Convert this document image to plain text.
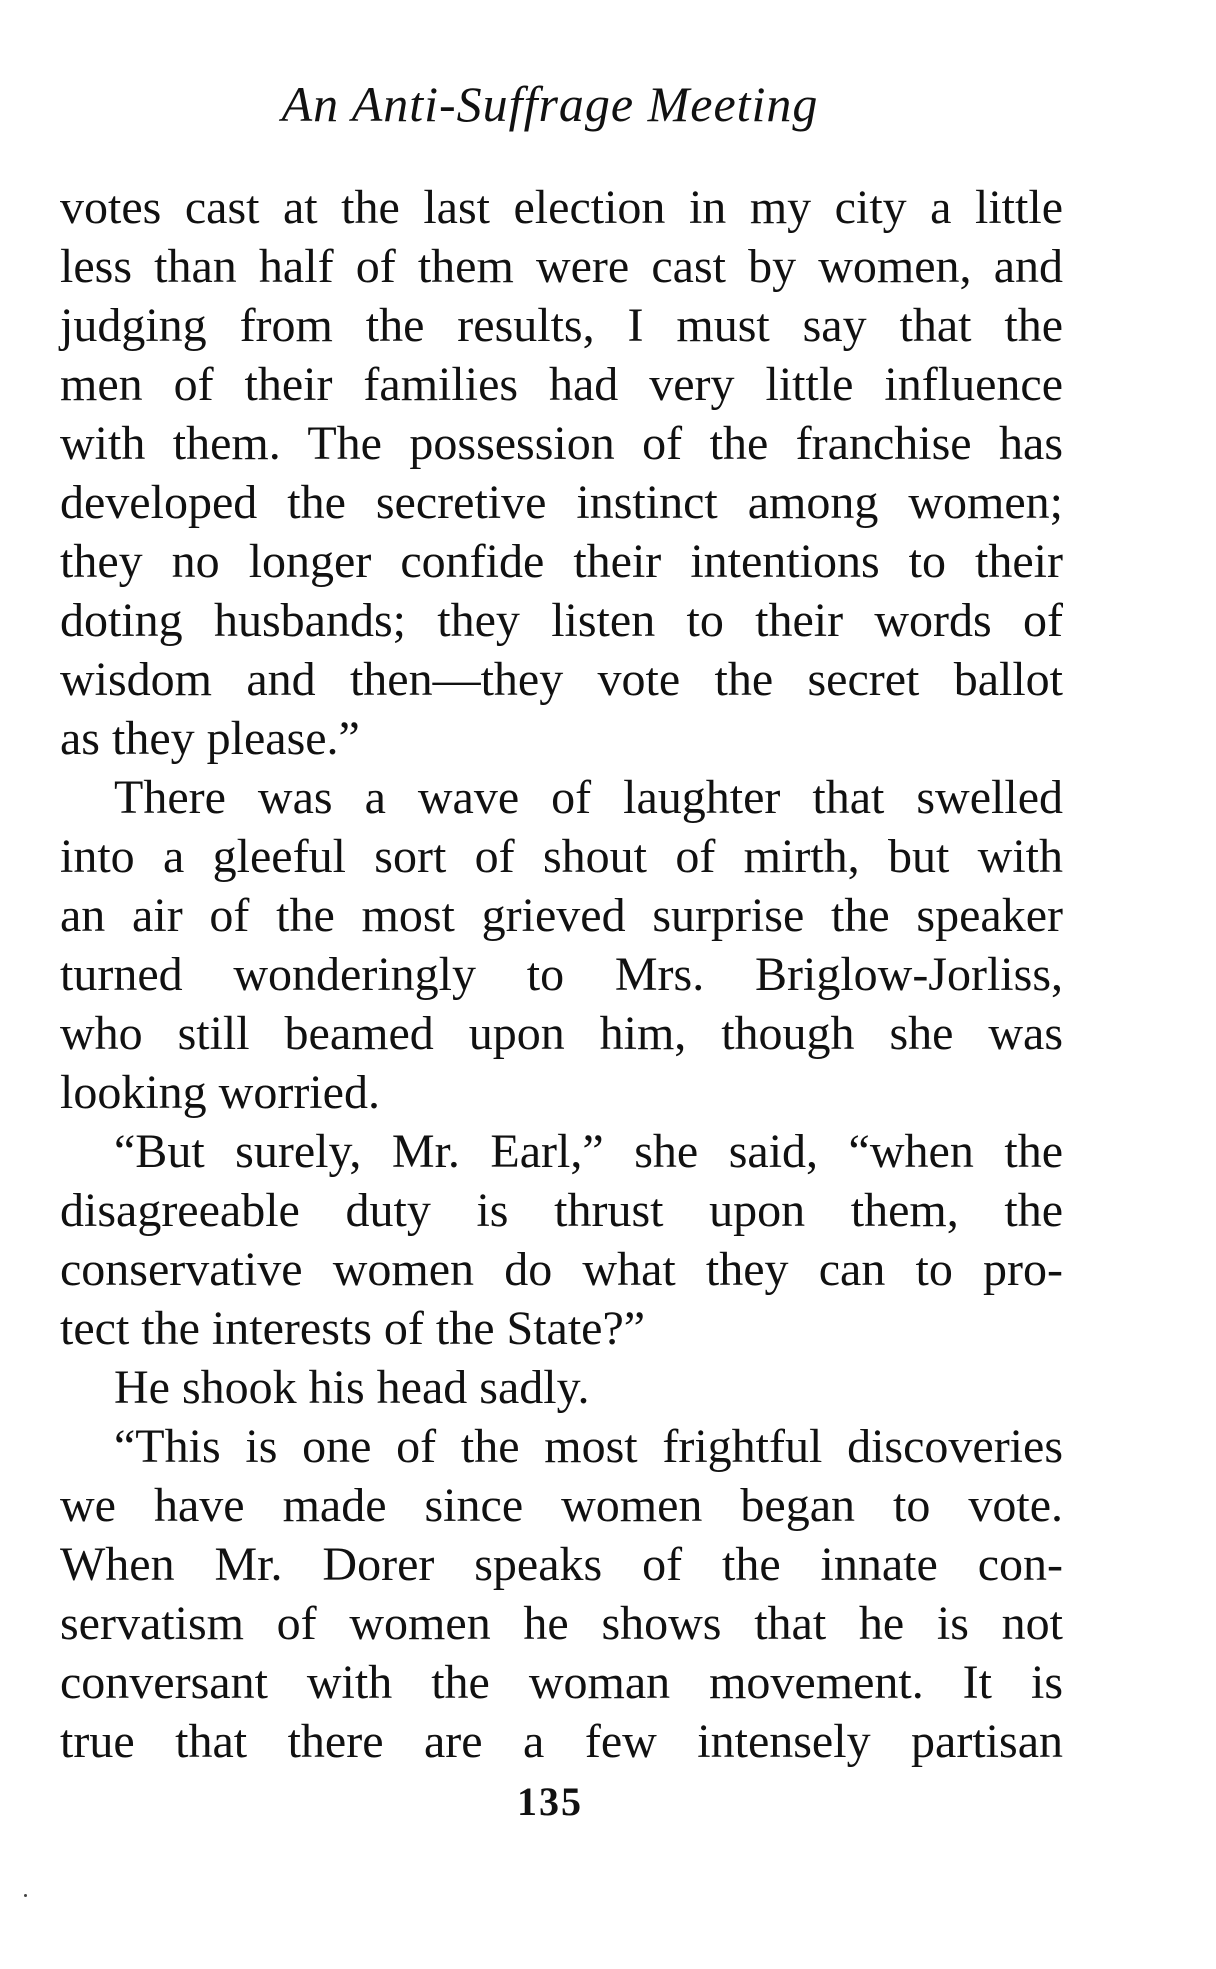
An Anti-Suffrage Meeting
votes cast at the last election in my city a little
less than half of them were cast by women, and
judging from the results, I must say that the
men of their families had very little influence
with them. The possession of the franchise has
developed the secretive instinct among women;
they no longer confide their intentions to their
doting husbands; they listen to their words of
wisdom and then—they vote the secret ballot
as they please.”
There was a wave of laughter that swelled
into a gleeful sort of shout of mirth, but with
an air of the most grieved surprise the speaker
turned wonderingly to Mrs. Briglow-Jorliss,
who still beamed upon him, though she was
looking worried.
“But surely, Mr. Earl,” she said, “when the
disagreeable duty is thrust upon them, the
conservative women do what they can to pro-
tect the interests of the State?”
He shook his head sadly.
“This is one of the most frightful discoveries
we have made since women began to vote.
When Mr. Dorer speaks of the innate con-
servatism of women he shows that he is not
conversant with the woman movement. It is
true that there are a few intensely partisan
135
